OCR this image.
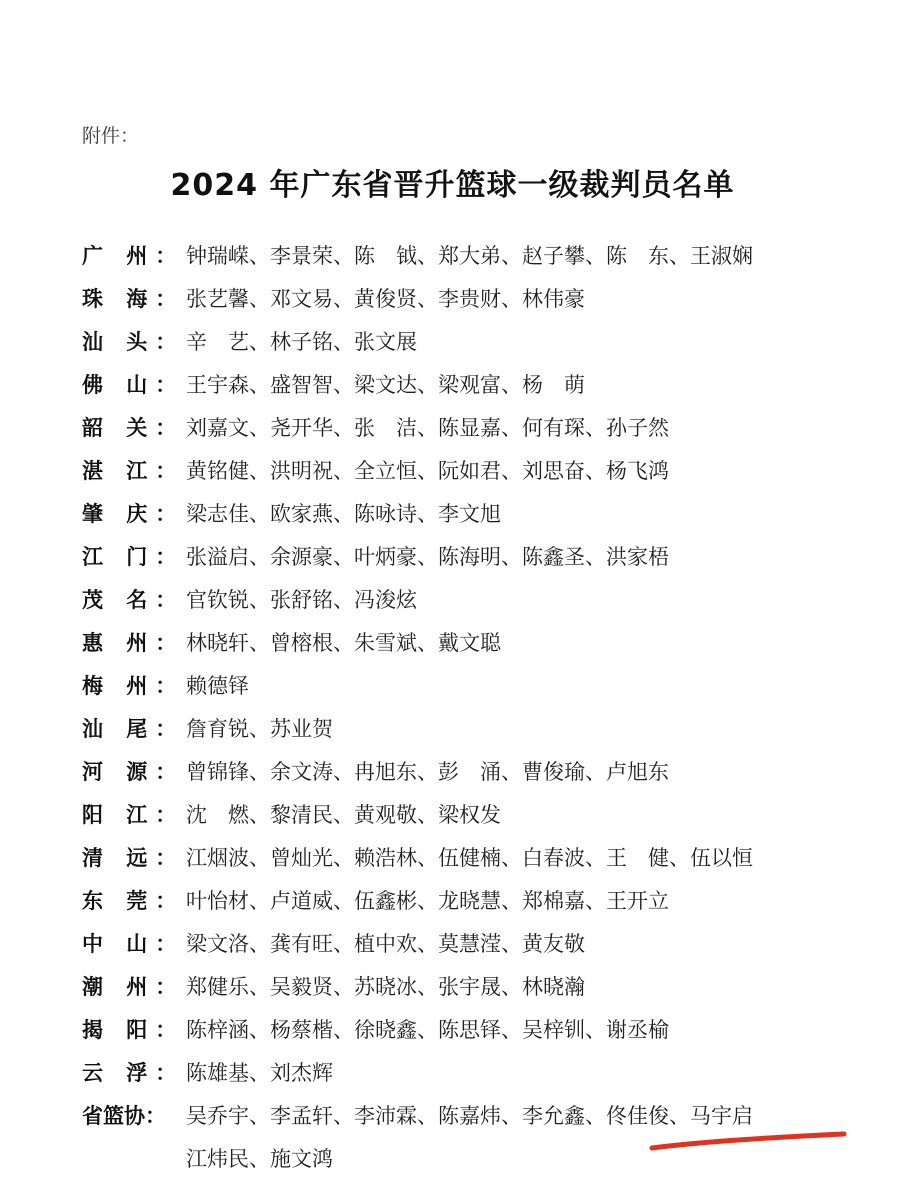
附件：
2024 年广东省晋升篮球一级裁判员名单
广 州： 钟瑞嵘、李景荣、陈　钺、郑大弟、赵子攀、陈　东、王淑娴
珠 海： 张艺馨、邓文易、黄俊贤、李贵财、林伟豪
汕 头： 辛　艺、林子铭、张文展
佛 山： 王宇森、盛智智、梁文达、梁观富、杨　萌
韶 关： 刘嘉文、尧开华、张　洁、陈显嘉、何有琛、孙子然
湛 江： 黄铭健、洪明祝、全立恒、阮如君、刘思奋、杨飞鸿
肇 庆： 梁志佳、欧家燕、陈咏诗、李文旭
江 门： 张溢启、余源豪、叶炳豪、陈海明、陈鑫圣、洪家梧
茂 名： 官钦锐、张舒铭、冯浚炫
惠 州： 林晓轩、曾榕根、朱雪斌、戴文聪
梅 州： 赖德铎
汕 尾： 詹育锐、苏业贺
河 源： 曾锦锋、余文涛、冉旭东、彭　涌、曹俊瑜、卢旭东
阳 江： 沈　燃、黎清民、黄观敬、梁权发
清 远： 江烟波、曾灿光、赖浩林、伍健楠、白春波、王　健、伍以恒
东 莞： 叶怡材、卢道威、伍鑫彬、龙晓慧、郑棉嘉、王开立
中 山： 梁文洛、龚有旺、植中欢、莫慧滢、黄友敬
潮 州： 郑健乐、吴毅贤、苏晓冰、张宇晟、林晓瀚
揭 阳： 陈梓涵、杨蔡楷、徐晓鑫、陈思铎、吴梓钏、谢丞榆
云 浮： 陈雄基、刘杰辉
省篮协： 吴乔宇、李孟轩、李沛霖、陈嘉炜、李允鑫、佟佳俊、马宇启
江炜民、施文鸿
